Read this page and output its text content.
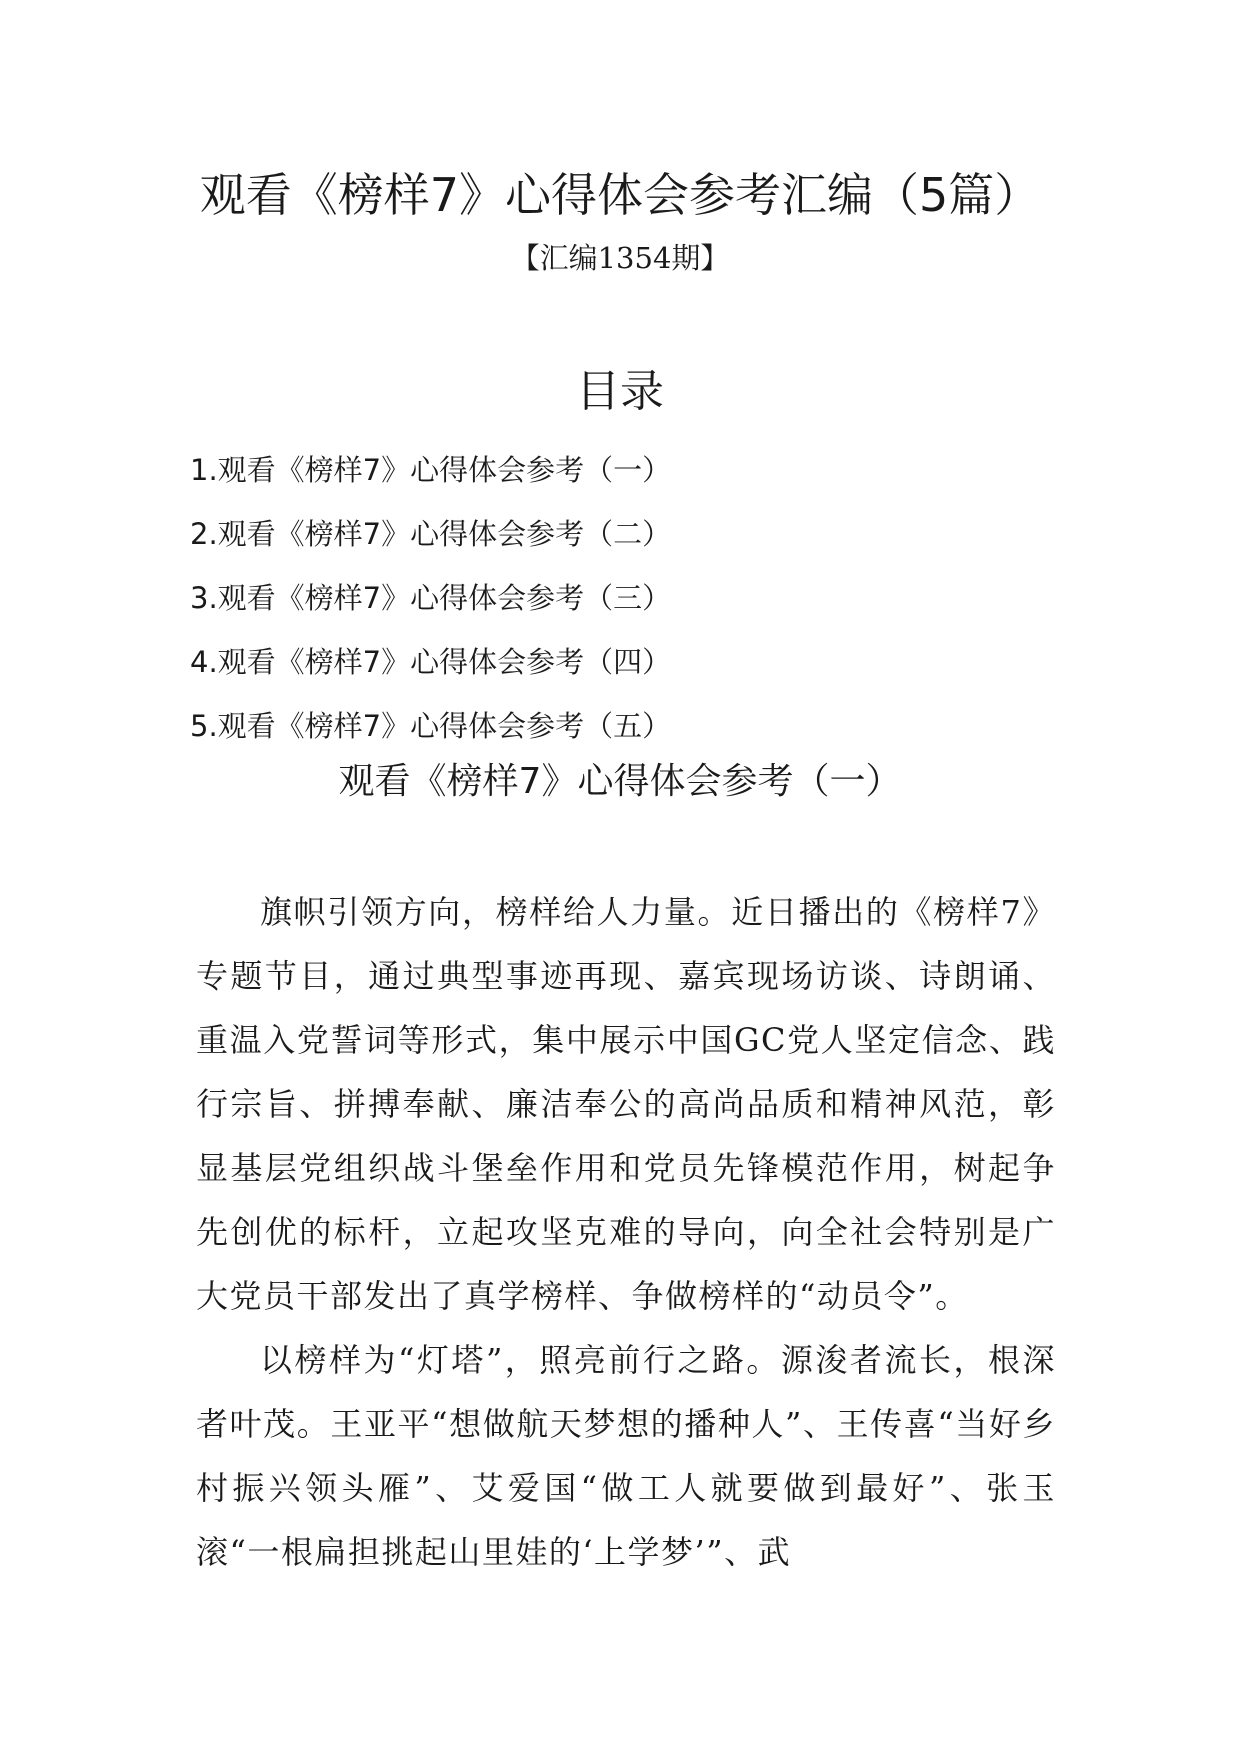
观看《榜样7》心得体会参考汇编（5篇）
【汇编1354期】
目录
1.观看《榜样7》心得体会参考（一）
2.观看《榜样7》心得体会参考（二）
3.观看《榜样7》心得体会参考（三）
4.观看《榜样7》心得体会参考（四）
5.观看《榜样7》心得体会参考（五）
观看《榜样7》心得体会参考（一）

旗帜引领方向，榜样给人力量。近日播出的《榜样7》专题节目，通过典型事迹再现、嘉宾现场访谈、诗朗诵、重温入党誓词等形式，集中展示中国GC党人坚定信念、践行宗旨、拼搏奉献、廉洁奉公的高尚品质和精神风范，彰显基层党组织战斗堡垒作用和党员先锋模范作用，树起争先创优的标杆，立起攻坚克难的导向，向全社会特别是广大党员干部发出了真学榜样、争做榜样的“动员令”。

以榜样为“灯塔”，照亮前行之路。源浚者流长，根深者叶茂。王亚平“想做航天梦想的播种人”、王传喜“当好乡村振兴领头雁”、艾爱国“做工人就要做到最好”、张玉滚“一根扁担挑起山里娃的‘上学梦’”、武
